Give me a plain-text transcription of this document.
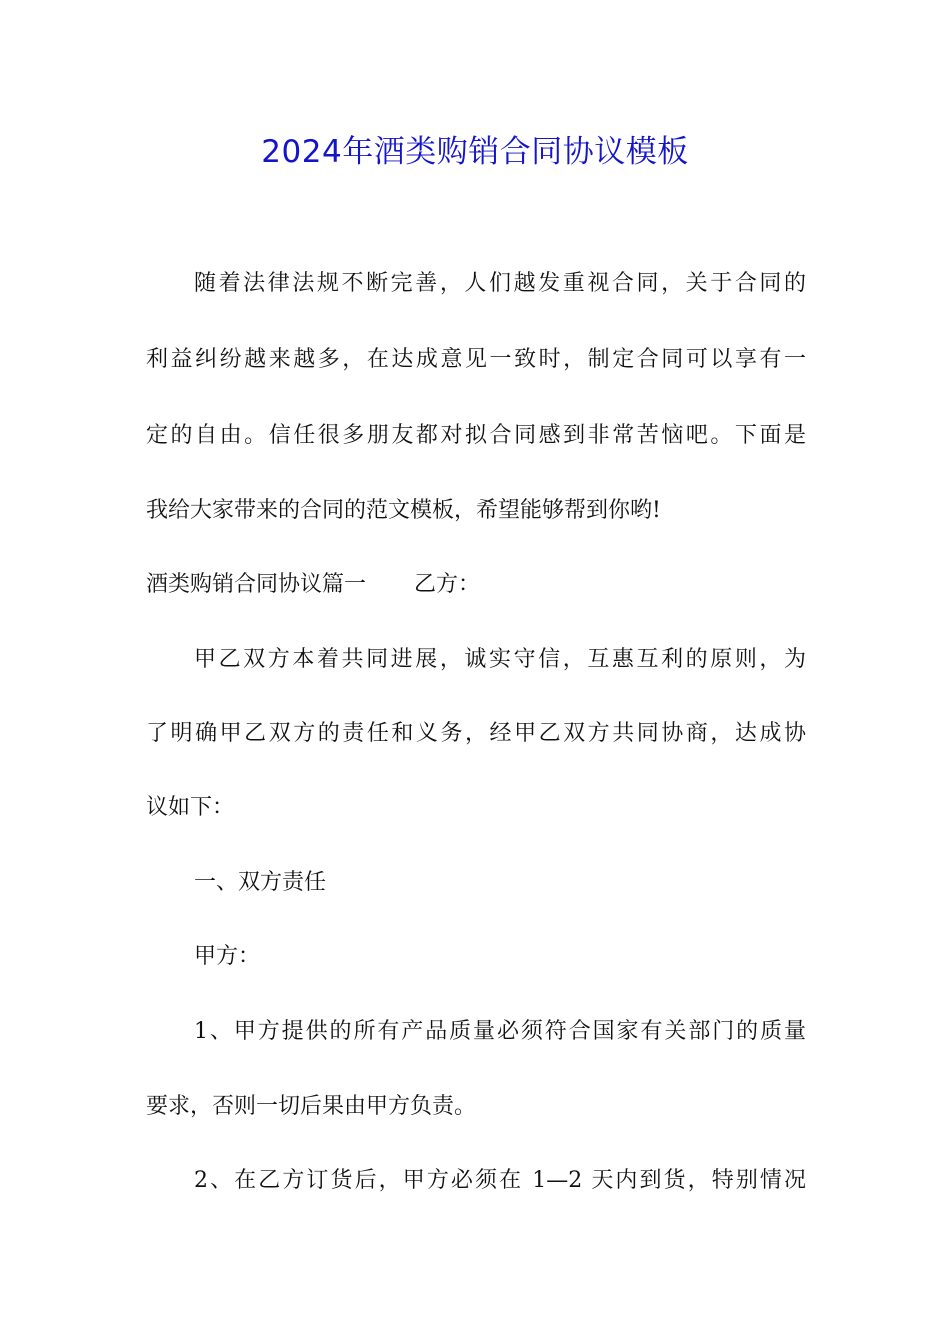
2024年酒类购销合同协议模板
随着法律法规不断完善，人们越发重视合同，关于合同的
利益纠纷越来越多，在达成意见一致时，制定合同可以享有一
定的自由。信任很多朋友都对拟合同感到非常苦恼吧。下面是
我给大家带来的合同的范文模板，希望能够帮到你哟!
酒类购销合同协议篇一 乙方：
甲乙双方本着共同进展，诚实守信，互惠互利的原则，为
了明确甲乙双方的责任和义务，经甲乙双方共同协商，达成协
议如下：
一、双方责任
甲方：
1、甲方提供的所有产品质量必须符合国家有关部门的质量
要求，否则一切后果由甲方负责。
2、在乙方订货后，甲方必须在 1—2 天内到货，特别情况
